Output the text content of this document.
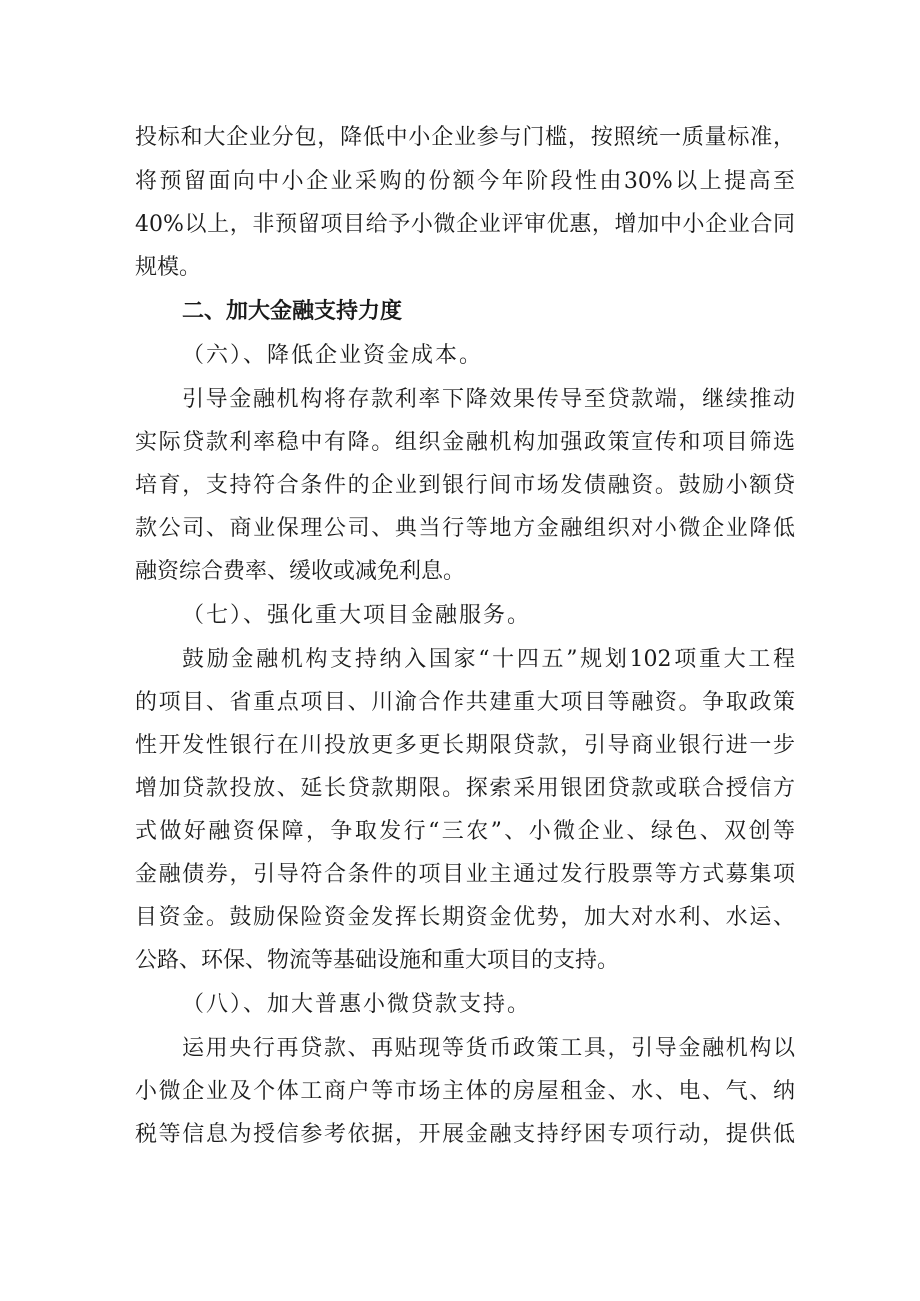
投标和大企业分包，降低中小企业参与门槛，按照统一质量标准，
将预留面向中小企业采购的份额今年阶段性由30%以上提高至
40%以上，非预留项目给予小微企业评审优惠，增加中小企业合同
规模。
二、加大金融支持力度
（六）、降低企业资金成本。
引导金融机构将存款利率下降效果传导至贷款端，继续推动
实际贷款利率稳中有降。组织金融机构加强政策宣传和项目筛选
培育，支持符合条件的企业到银行间市场发债融资。鼓励小额贷
款公司、商业保理公司、典当行等地方金融组织对小微企业降低
融资综合费率、缓收或减免利息。
（七）、强化重大项目金融服务。
鼓励金融机构支持纳入国家“十四五”规划102项重大工程
的项目、省重点项目、川渝合作共建重大项目等融资。争取政策
性开发性银行在川投放更多更长期限贷款，引导商业银行进一步
增加贷款投放、延长贷款期限。探索采用银团贷款或联合授信方
式做好融资保障，争取发行“三农”、小微企业、绿色、双创等
金融债券，引导符合条件的项目业主通过发行股票等方式募集项
目资金。鼓励保险资金发挥长期资金优势，加大对水利、水运、
公路、环保、物流等基础设施和重大项目的支持。
（八）、加大普惠小微贷款支持。
运用央行再贷款、再贴现等货币政策工具，引导金融机构以
小微企业及个体工商户等市场主体的房屋租金、水、电、气、纳
税等信息为授信参考依据，开展金融支持纾困专项行动，提供低
